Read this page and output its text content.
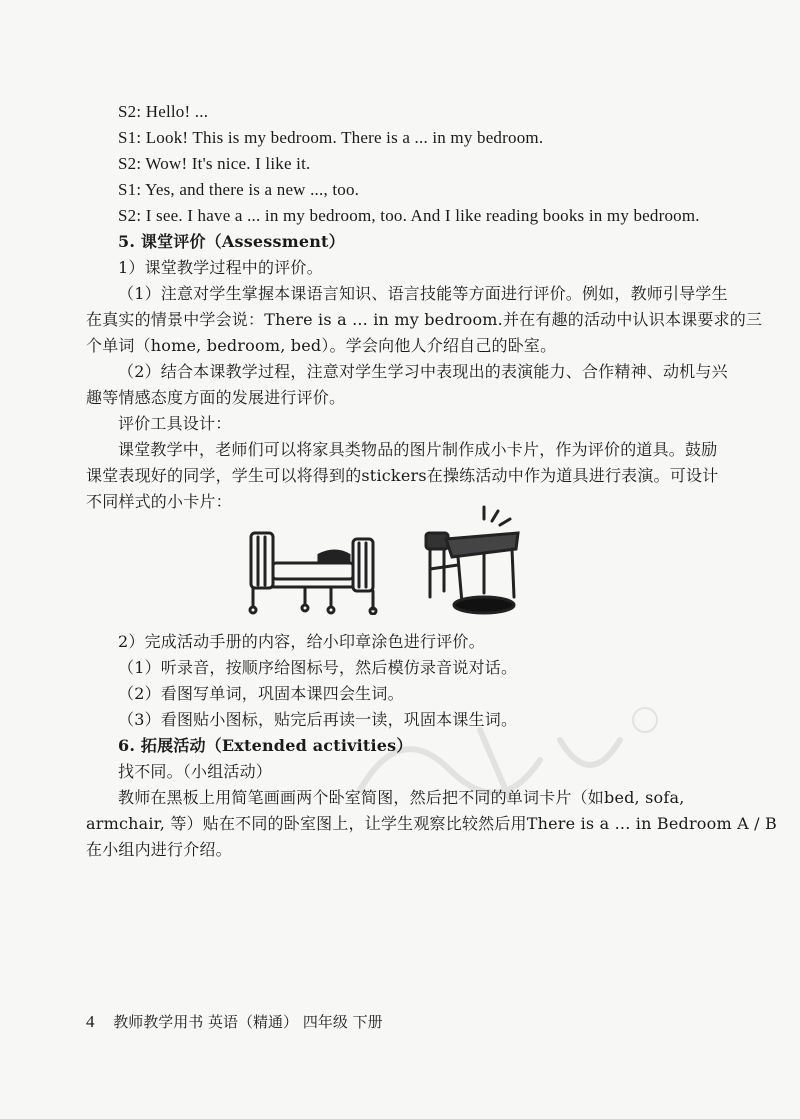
S2: Hello! ...
S1: Look! This is my bedroom. There is a ... in my bedroom.
S2: Wow! It's nice. I like it.
S1: Yes, and there is a new ..., too.
S2: I see. I have a ... in my bedroom, too. And I like reading books in my bedroom.
5. 课堂评价（Assessment）
1）课堂教学过程中的评价。
（1）注意对学生掌握本课语言知识、语言技能等方面进行评价。例如，教师引导学生
在真实的情景中学会说：There is a ... in my bedroom.并在有趣的活动中认识本课要求的三
个单词（home, bedroom, bed）。学会向他人介绍自己的卧室。
（2）结合本课教学过程，注意对学生学习中表现出的表演能力、合作精神、动机与兴
趣等情感态度方面的发展进行评价。
评价工具设计：
课堂教学中，老师们可以将家具类物品的图片制作成小卡片，作为评价的道具。鼓励
课堂表现好的同学，学生可以将得到的stickers在操练活动中作为道具进行表演。可设计
不同样式的小卡片：
2）完成活动手册的内容，给小印章涂色进行评价。
（1）听录音，按顺序给图标号，然后模仿录音说对话。
（2）看图写单词，巩固本课四会生词。
（3）看图贴小图标，贴完后再读一读，巩固本课生词。
6. 拓展活动（Extended activities）
找不同。（小组活动）
教师在黑板上用简笔画画两个卧室简图，然后把不同的单词卡片（如bed, sofa,
armchair, 等）贴在不同的卧室图上，让学生观察比较然后用There is a ... in Bedroom A / B
在小组内进行介绍。
4 教师教学用书 英语（精通） 四年级 下册
